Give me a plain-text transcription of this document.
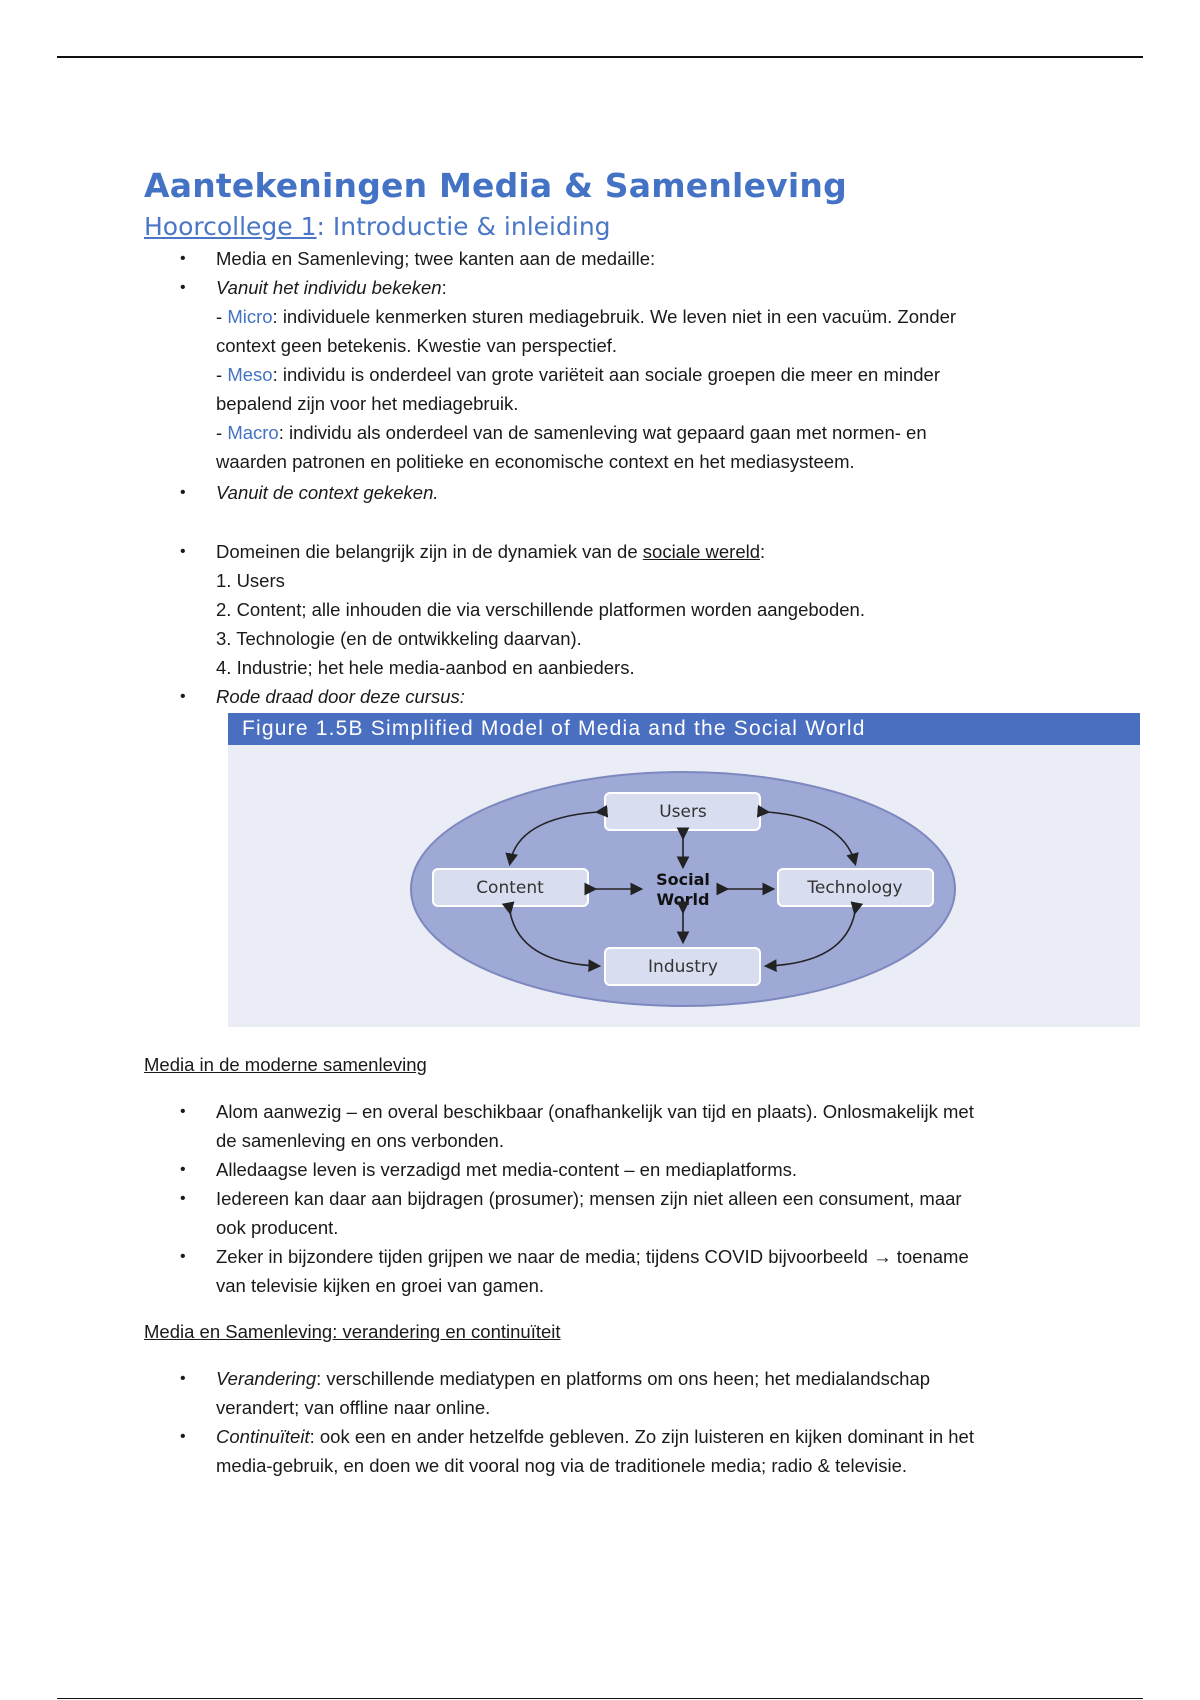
Aantekeningen Media & Samenleving
Hoorcollege 1: Introductie & inleiding
• Media en Samenleving; twee kanten aan de medaille:
• Vanuit het individu bekeken:
- Micro: individuele kenmerken sturen mediagebruik. We leven niet in een vacuüm. Zonder
context geen betekenis. Kwestie van perspectief.
- Meso: individu is onderdeel van grote variëteit aan sociale groepen die meer en minder
bepalend zijn voor het mediagebruik.
- Macro: individu als onderdeel van de samenleving wat gepaard gaan met normen- en
waarden patronen en politieke en economische context en het mediasysteem.
• Vanuit de context gekeken.
• Domeinen die belangrijk zijn in de dynamiek van de sociale wereld:
1. Users
2. Content; alle inhouden die via verschillende platformen worden aangeboden.
3. Technologie (en de ontwikkeling daarvan).
4. Industrie; het hele media-aanbod en aanbieders.
• Rode draad door deze cursus:
Figure 1.5B Simplified Model of Media and the Social World
Users
Content	Technology
Industry
Social
World
Media in de moderne samenleving
• Alom aanwezig – en overal beschikbaar (onafhankelijk van tijd en plaats). Onlosmakelijk met
de samenleving en ons verbonden.
• Alledaagse leven is verzadigd met media-content – en mediaplatforms.
• Iedereen kan daar aan bijdragen (prosumer); mensen zijn niet alleen een consument, maar
ook producent.
• Zeker in bijzondere tijden grijpen we naar de media; tijdens COVID bijvoorbeeld → toename
van televisie kijken en groei van gamen.
Media en Samenleving: verandering en continuïteit
• Verandering: verschillende mediatypen en platforms om ons heen; het medialandschap
verandert; van offline naar online.
• Continuïteit: ook een en ander hetzelfde gebleven. Zo zijn luisteren en kijken dominant in het
media-gebruik, en doen we dit vooral nog via de traditionele media; radio & televisie.
